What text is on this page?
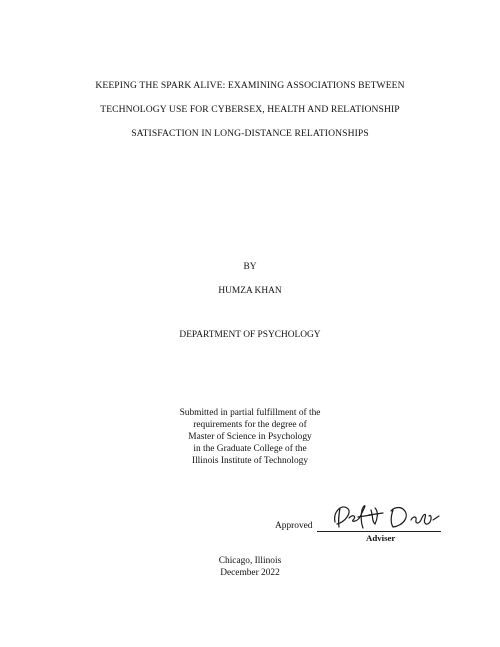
KEEPING THE SPARK ALIVE: EXAMINING ASSOCIATIONS BETWEEN
TECHNOLOGY USE FOR CYBERSEX, HEALTH AND RELATIONSHIP
SATISFACTION IN LONG-DISTANCE RELATIONSHIPS
BY
HUMZA KHAN
DEPARTMENT OF PSYCHOLOGY
Submitted in partial fulfillment of the
requirements for the degree of
Master of Science in Psychology
in the Graduate College of the
Illinois Institute of Technology
Approved
Adviser
Chicago, Illinois
December 2022
